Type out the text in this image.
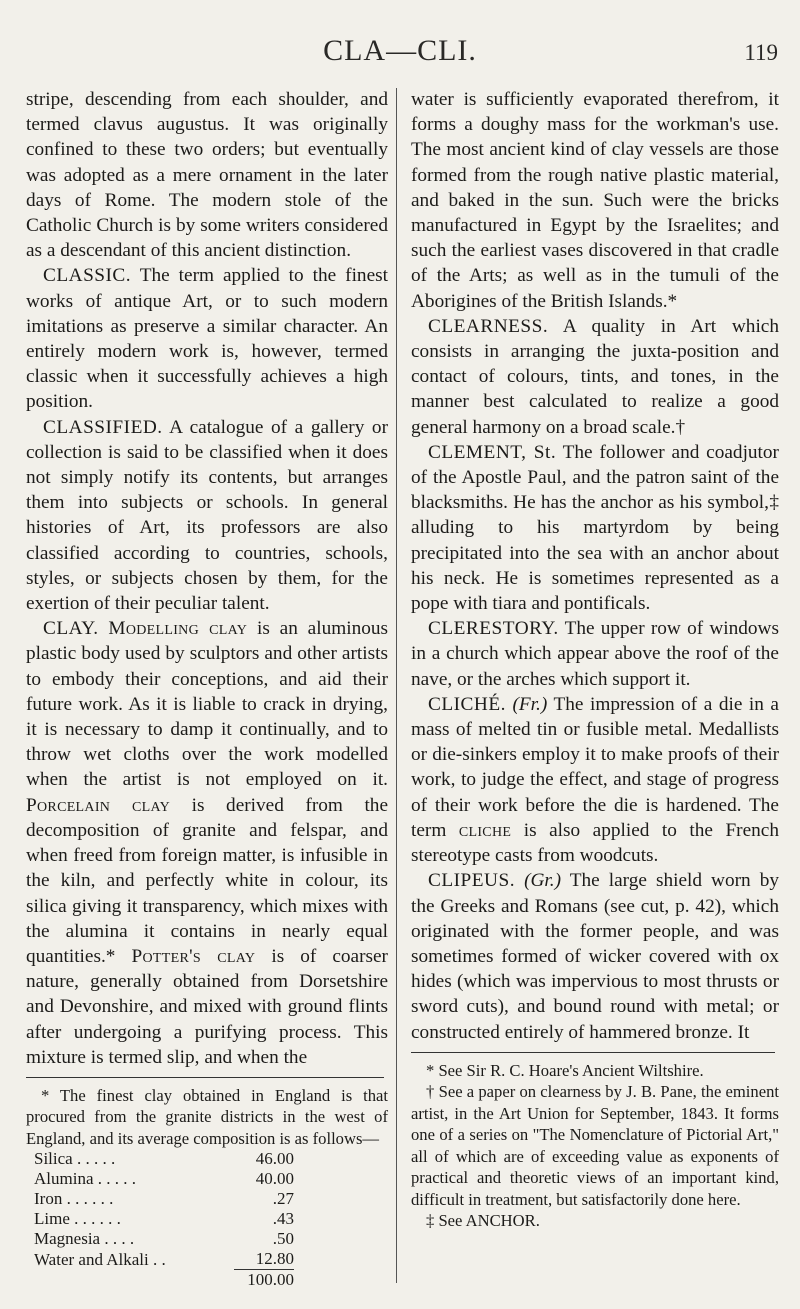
CLA—CLI.	119

stripe, descending from each shoulder, and termed clavus augustus. It was originally confined to these two orders; but eventually was adopted as a mere ornament in the later days of Rome. The modern stole of the Catholic Church is by some writers considered as a descendant of this ancient distinction.

CLASSIC. The term applied to the finest works of antique Art, or to such modern imitations as preserve a similar character. An entirely modern work is, however, termed classic when it successfully achieves a high position.

CLASSIFIED. A catalogue of a gallery or collection is said to be classified when it does not simply notify its contents, but arranges them into subjects or schools. In general histories of Art, its professors are also classified according to countries, schools, styles, or subjects chosen by them, for the exertion of their peculiar talent.

CLAY. Modelling clay is an aluminous plastic body used by sculptors and other artists to embody their conceptions, and aid their future work. As it is liable to crack in drying, it is necessary to damp it continually, and to throw wet cloths over the work modelled when the artist is not employed on it. Porcelain clay is derived from the decomposition of granite and felspar, and when freed from foreign matter, is infusible in the kiln, and perfectly white in colour, its silica giving it transparency, which mixes with the alumina it contains in nearly equal quantities.* Potter's clay is of coarser nature, generally obtained from Dorsetshire and Devonshire, and mixed with ground flints after undergoing a purifying process. This mixture is termed slip, and when the

* The finest clay obtained in England is that procured from the granite districts in the west of England, and its average composition is as follows—

Silica . . . . .	46.00
Alumina . . . . .	40.00
Iron . . . . . .	.27
Lime . . . . . .	.43
Magnesia . . . .	.50
Water and Alkali . .	12.80
	100.00

water is sufficiently evaporated therefrom, it forms a doughy mass for the workman's use. The most ancient kind of clay vessels are those formed from the rough native plastic material, and baked in the sun. Such were the bricks manufactured in Egypt by the Israelites; and such the earliest vases discovered in that cradle of the Arts; as well as in the tumuli of the Aborigines of the British Islands.*

CLEARNESS. A quality in Art which consists in arranging the juxta-position and contact of colours, tints, and tones, in the manner best calculated to realize a good general harmony on a broad scale.†

CLEMENT, St. The follower and coadjutor of the Apostle Paul, and the patron saint of the blacksmiths. He has the anchor as his symbol,‡ alluding to his martyrdom by being precipitated into the sea with an anchor about his neck. He is sometimes represented as a pope with tiara and pontificals.

CLERESTORY. The upper row of windows in a church which appear above the roof of the nave, or the arches which support it.

CLICHÉ. (Fr.) The impression of a die in a mass of melted tin or fusible metal. Medallists or die-sinkers employ it to make proofs of their work, to judge the effect, and stage of progress of their work before the die is hardened. The term cliche is also applied to the French stereotype casts from woodcuts.

CLIPEUS. (Gr.) The large shield worn by the Greeks and Romans (see cut, p. 42), which originated with the former people, and was sometimes formed of wicker covered with ox hides (which was impervious to most thrusts or sword cuts), and bound round with metal; or constructed entirely of hammered bronze. It

* See Sir R. C. Hoare's Ancient Wiltshire.

† See a paper on clearness by J. B. Pane, the eminent artist, in the Art Union for September, 1843. It forms one of a series on "The Nomenclature of Pictorial Art," all of which are of exceeding value as exponents of practical and theoretic views of an important kind, difficult in treatment, but satisfactorily done here.

‡ See ANCHOR.
